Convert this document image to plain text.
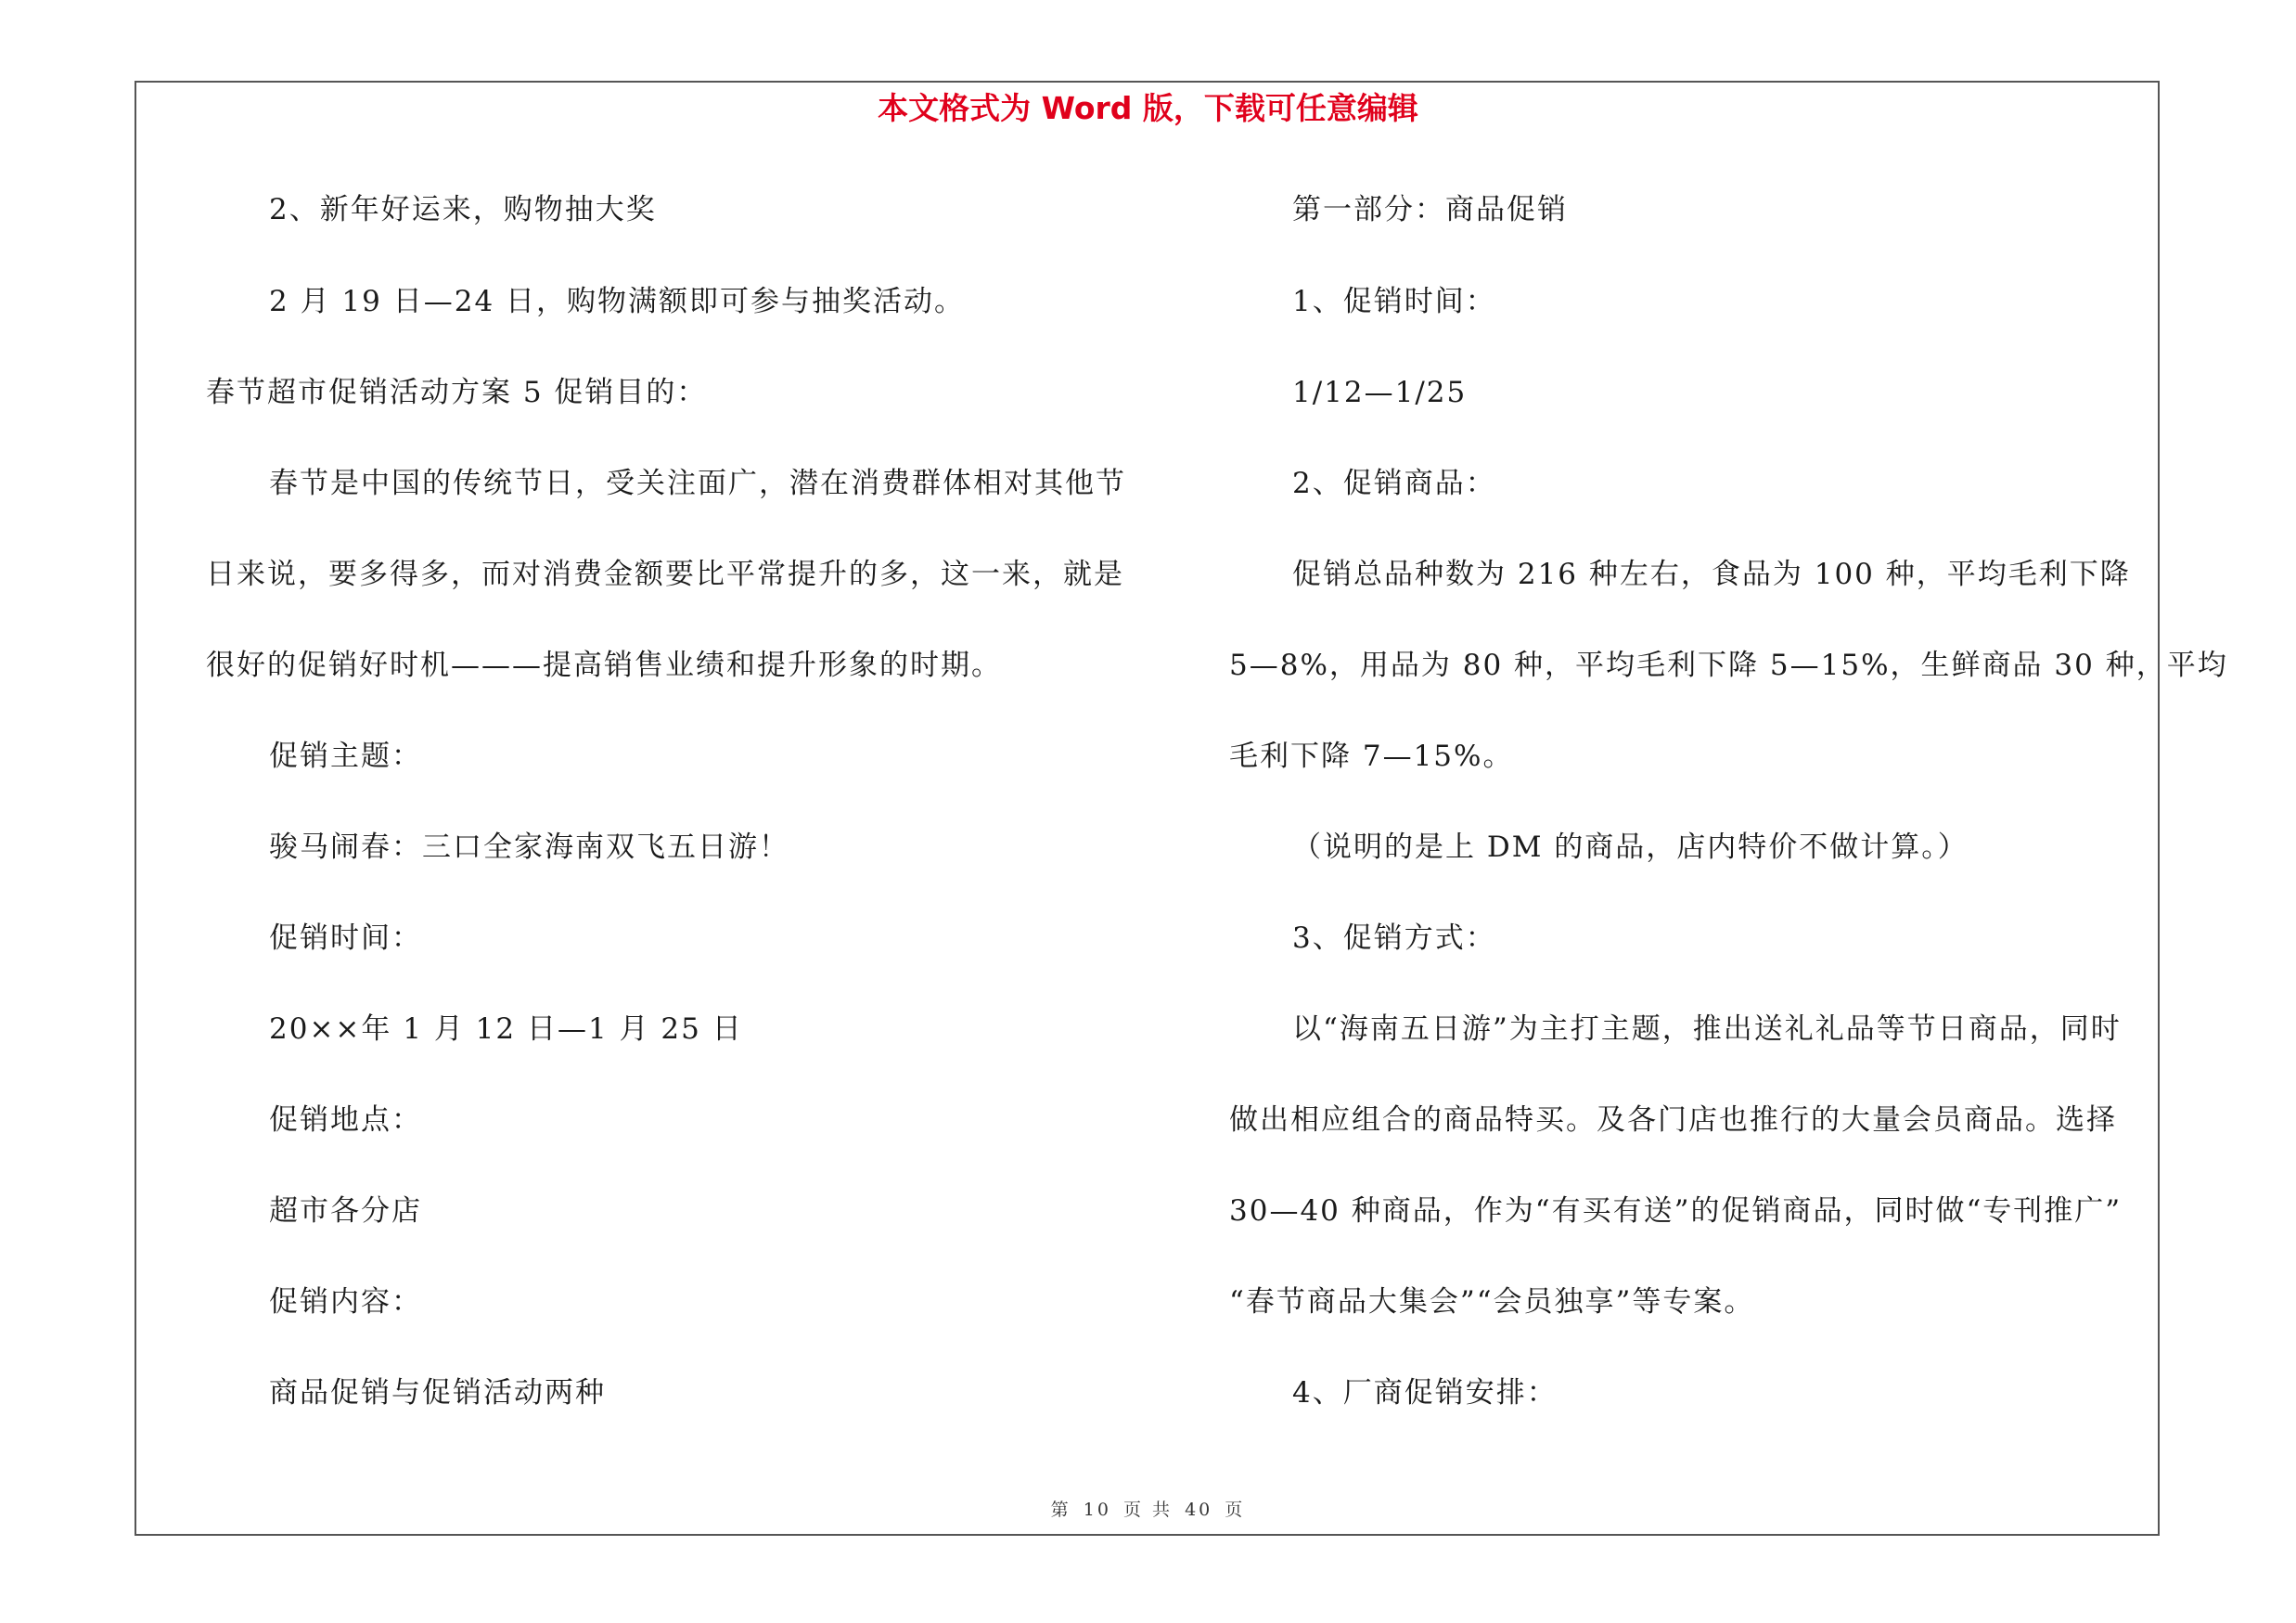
本文格式为 Word 版，下载可任意编辑
2、新年好运来，购物抽大奖
2 月 19 日—24 日，购物满额即可参与抽奖活动。
春节超市促销活动方案 5 促销目的：
春节是中国的传统节日，受关注面广，潜在消费群体相对其他节
日来说，要多得多，而对消费金额要比平常提升的多，这一来，就是
很好的促销好时机———提高销售业绩和提升形象的时期。
促销主题：
骏马闹春：三口全家海南双飞五日游！
促销时间：
20××年 1 月 12 日—1 月 25 日
促销地点：
超市各分店
促销内容：
商品促销与促销活动两种
第一部分：商品促销
1、促销时间：
1/12—1/25
2、促销商品：
促销总品种数为 216 种左右，食品为 100 种，平均毛利下降
5—8%，用品为 80 种，平均毛利下降 5—15%，生鲜商品 30 种，平均
毛利下降 7—15%。
（说明的是上 DM 的商品，店内特价不做计算。）
3、促销方式：
以“海南五日游”为主打主题，推出送礼礼品等节日商品，同时
做出相应组合的商品特买。及各门店也推行的大量会员商品。选择
30—40 种商品，作为“有买有送”的促销商品，同时做“专刊推广”
“春节商品大集会”“会员独享”等专案。
4、厂商促销安排：
第 10 页 共 40 页
